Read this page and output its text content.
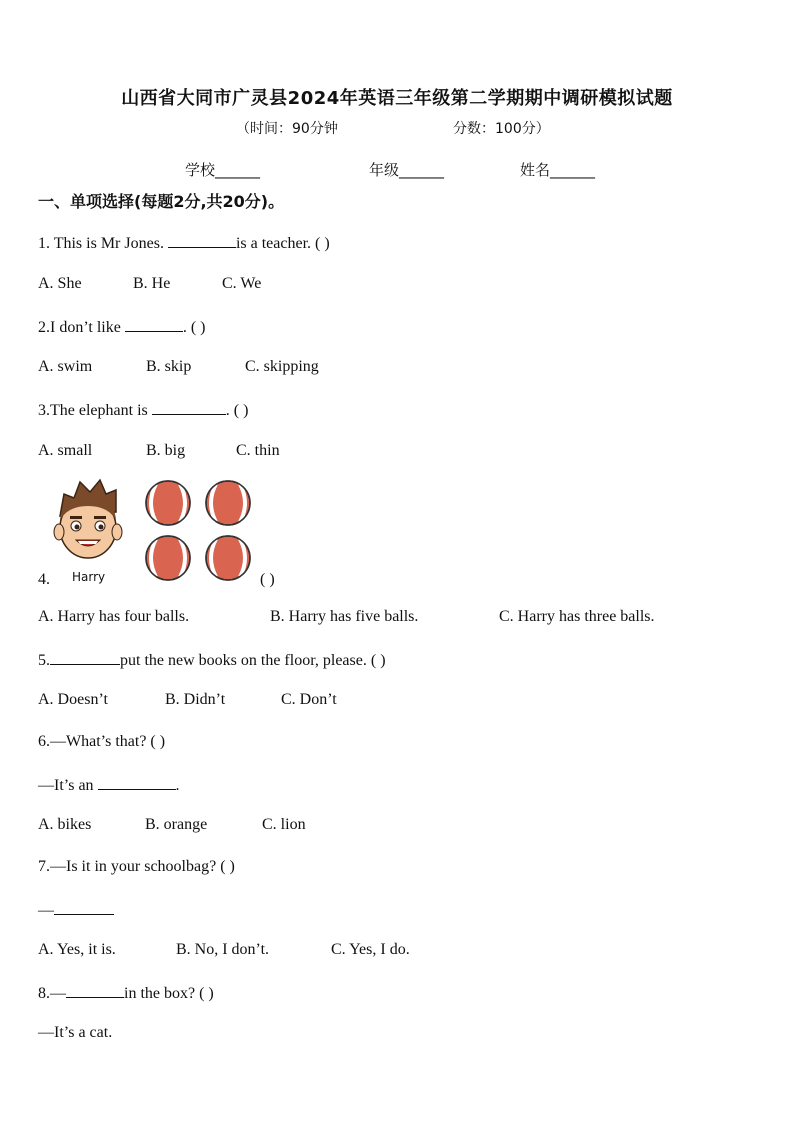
山西省大同市广灵县2024年英语三年级第二学期期中调研模拟试题
（时间：90分钟	分数：100分）
学校______	年级______	姓名______
一、单项选择(每题2分,共20分)。
1. This is Mr Jones.	is a teacher. ( )
A. She	B. He	C. We
2.I don’t like	. ( )
A. swim	B. skip	C. skipping
3.The elephant is	. ( )
A. small	B. big	C. thin
Harry
4.	( )
A. Harry has four balls.	B. Harry has five balls.	C. Harry has three balls.
5.	put the new books on the floor, please. ( )
A. Doesn’t	B. Didn’t	C. Don’t
6.—What’s that? ( )
—It’s an	.
A. bikes	B. orange	C. lion
7.—Is it in your schoolbag? ( )
—
A. Yes, it is.	B. No, I don’t.	C. Yes, I do.
8.—	in the box? ( )
—It’s a cat.
